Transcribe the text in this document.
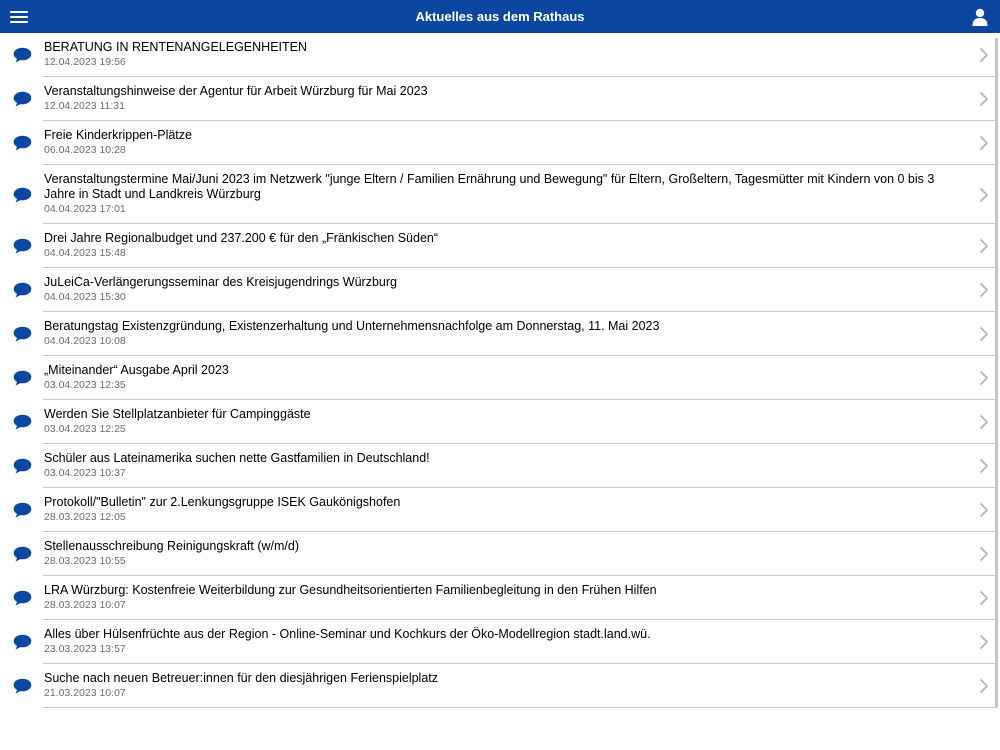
Aktuelles aus dem Rathaus
BERATUNG IN RENTENANGELEGENHEITEN
12.04.2023 19:56
Veranstaltungshinweise der Agentur für Arbeit Würzburg für Mai 2023
12.04.2023 11:31
Freie Kinderkrippen-Plätze
06.04.2023 10:28
Veranstaltungstermine Mai/Juni 2023 im Netzwerk "junge Eltern / Familien Ernährung und Bewegung" für Eltern, Großeltern, Tagesmütter mit Kindern von 0 bis 3 Jahre in Stadt und Landkreis Würzburg
04.04.2023 17:01
Drei Jahre Regionalbudget und 237.200 € für den „Fränkischen Süden“
04.04.2023 15:48
JuLeiCa-Verlängerungsseminar des Kreisjugendrings Würzburg
04.04.2023 15:30
Beratungstag Existenzgründung, Existenzerhaltung und Unternehmensnachfolge am Donnerstag, 11. Mai 2023
04.04.2023 10:08
„Miteinander“ Ausgabe April 2023
03.04.2023 12:35
Werden Sie Stellplatzanbieter für Campinggäste
03.04.2023 12:25
Schüler aus Lateinamerika suchen nette Gastfamilien in Deutschland!
03.04.2023 10:37
Protokoll/"Bulletin" zur 2.Lenkungsgruppe ISEK Gaukönigshofen
28.03.2023 12:05
Stellenausschreibung Reinigungskraft (w/m/d)
28.03.2023 10:55
LRA Würzburg: Kostenfreie Weiterbildung zur Gesundheitsorientierten Familienbegleitung in den Frühen Hilfen
28.03.2023 10:07
Alles über Hülsenfrüchte aus der Region - Online-Seminar und Kochkurs der Öko-Modellregion stadt.land.wü.
23.03.2023 13:57
Suche nach neuen Betreuer:innen für den diesjährigen Ferienspielplatz
21.03.2023 10:07
